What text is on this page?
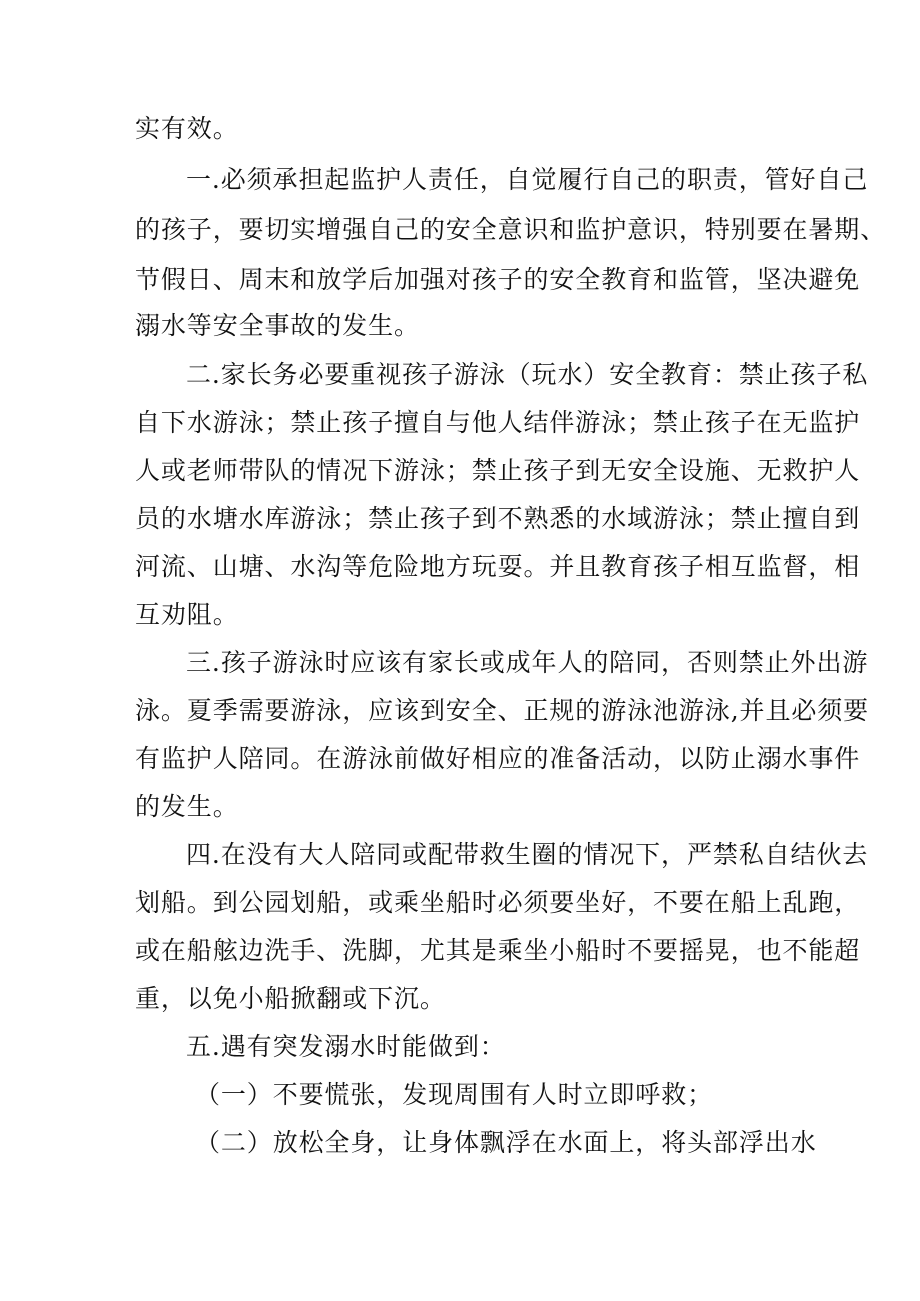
实有效。
一.必须承担起监护人责任，自觉履行自己的职责，管好自己
的孩子，要切实增强自己的安全意识和监护意识，特别要在暑期、
节假日、周末和放学后加强对孩子的安全教育和监管，坚决避免
溺水等安全事故的发生。
二.家长务必要重视孩子游泳（玩水）安全教育：禁止孩子私
自下水游泳；禁止孩子擅自与他人结伴游泳；禁止孩子在无监护
人或老师带队的情况下游泳；禁止孩子到无安全设施、无救护人
员的水塘水库游泳；禁止孩子到不熟悉的水域游泳；禁止擅自到
河流、山塘、水沟等危险地方玩耍。并且教育孩子相互监督，相
互劝阻。
三.孩子游泳时应该有家长或成年人的陪同，否则禁止外出游
泳。夏季需要游泳，应该到安全、正规的游泳池游泳,并且必须要
有监护人陪同。在游泳前做好相应的准备活动，以防止溺水事件
的发生。
四.在没有大人陪同或配带救生圈的情况下，严禁私自结伙去
划船。到公园划船，或乘坐船时必须要坐好，不要在船上乱跑，
或在船舷边洗手、洗脚，尤其是乘坐小船时不要摇晃，也不能超
重，以免小船掀翻或下沉。
五.遇有突发溺水时能做到：
（一）不要慌张，发现周围有人时立即呼救；
（二）放松全身，让身体飘浮在水面上，将头部浮出水
